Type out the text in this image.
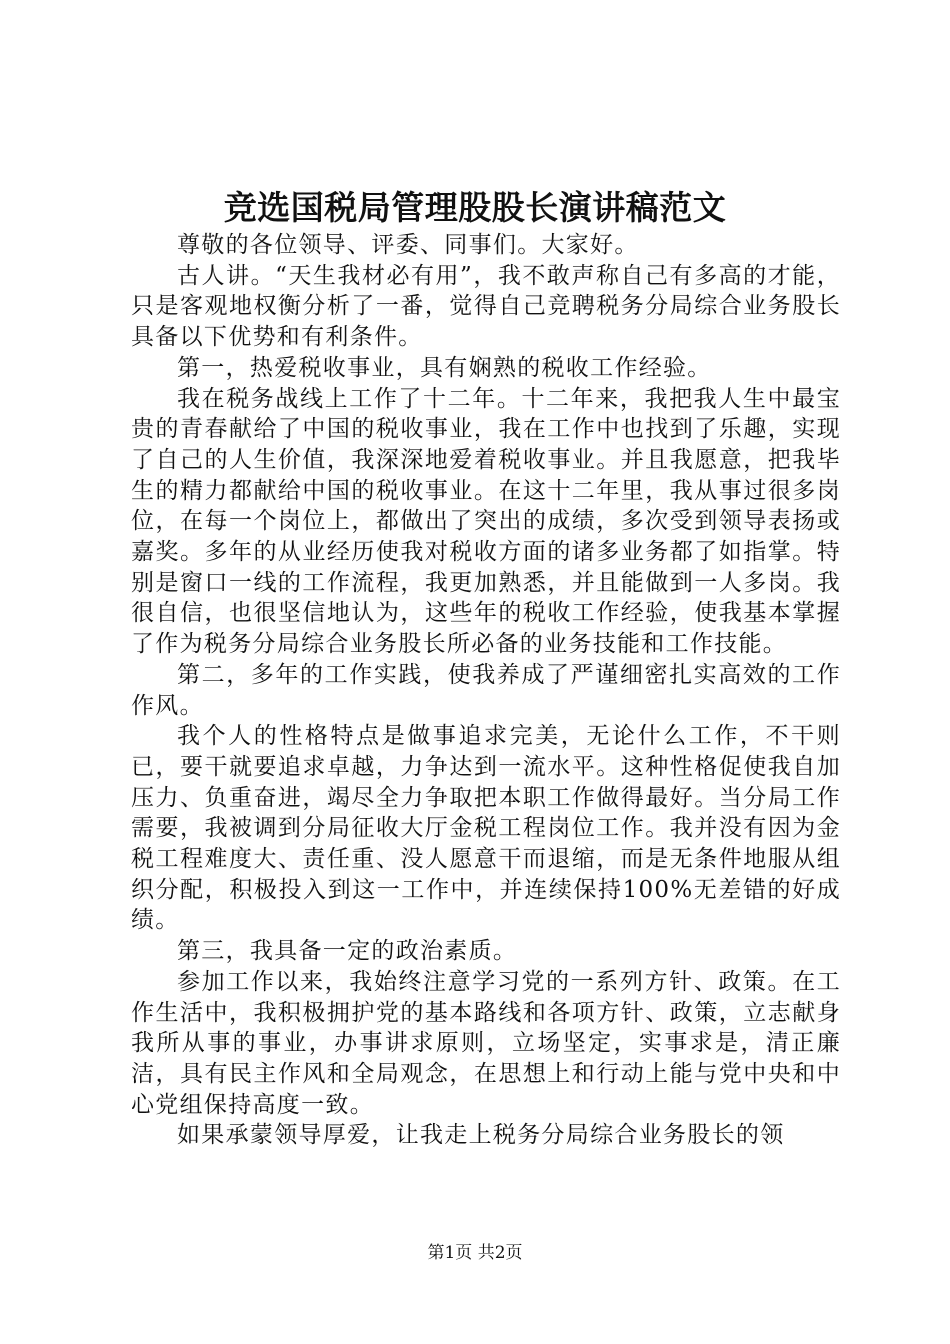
竞选国税局管理股股长演讲稿范文

尊敬的各位领导、评委、同事们。大家好。

古人讲。“天生我材必有用”，我不敢声称自己有多高的才能，只是客观地权衡分析了一番，觉得自己竞聘税务分局综合业务股长具备以下优势和有利条件。

第一，热爱税收事业，具有娴熟的税收工作经验。

我在税务战线上工作了十二年。十二年来，我把我人生中最宝贵的青春献给了中国的税收事业，我在工作中也找到了乐趣，实现了自己的人生价值，我深深地爱着税收事业。并且我愿意，把我毕生的精力都献给中国的税收事业。在这十二年里，我从事过很多岗位，在每一个岗位上，都做出了突出的成绩，多次受到领导表扬或嘉奖。多年的从业经历使我对税收方面的诸多业务都了如指掌。特别是窗口一线的工作流程，我更加熟悉，并且能做到一人多岗。我很自信，也很坚信地认为，这些年的税收工作经验，使我基本掌握了作为税务分局综合业务股长所必备的业务技能和工作技能。

第二，多年的工作实践，使我养成了严谨细密扎实高效的工作作风。

我个人的性格特点是做事追求完美，无论什么工作，不干则已，要干就要追求卓越，力争达到一流水平。这种性格促使我自加压力、负重奋进，竭尽全力争取把本职工作做得最好。当分局工作需要，我被调到分局征收大厅金税工程岗位工作。我并没有因为金税工程难度大、责任重、没人愿意干而退缩，而是无条件地服从组织分配，积极投入到这一工作中，并连续保持100%无差错的好成绩。

第三，我具备一定的政治素质。

参加工作以来，我始终注意学习党的一系列方针、政策。在工作生活中，我积极拥护党的基本路线和各项方针、政策，立志献身我所从事的事业，办事讲求原则，立场坚定，实事求是，清正廉洁，具有民主作风和全局观念，在思想上和行动上能与党中央和中心党组保持高度一致。

如果承蒙领导厚爱，让我走上税务分局综合业务股长的领

第1页 共2页
